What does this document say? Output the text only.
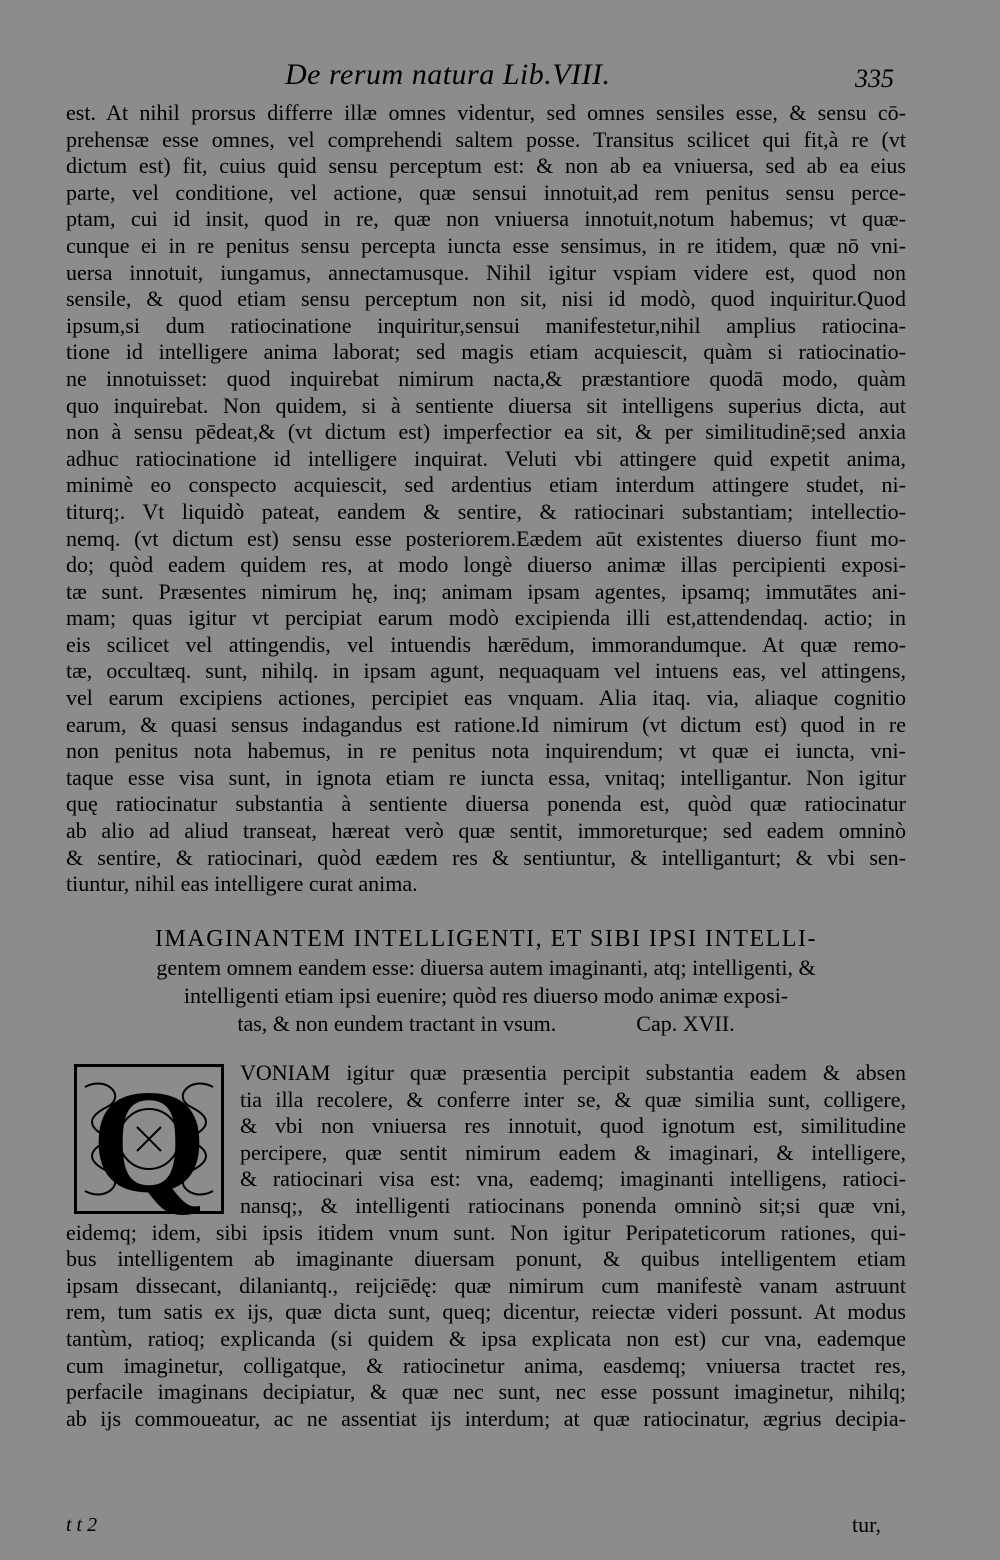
De rerum natura Lib.VIII.	335
est. At nihil prorsus differre illæ omnes videntur, sed omnes sensiles esse, & sensu cō-
prehensæ esse omnes, vel comprehendi saltem posse. Transitus scilicet qui fit,à re (vt
dictum est) fit, cuius quid sensu perceptum est: & non ab ea vniuersa, sed ab ea eius
parte, vel conditione, vel actione, quæ sensui innotuit,ad rem penitus sensu perce-
ptam, cui id insit, quod in re, quæ non vniuersa innotuit,notum habemus; vt quæ-
cunque ei in re penitus sensu percepta iuncta esse sensimus, in re itidem, quæ nō vni-
uersa innotuit, iungamus, annectamusque. Nihil igitur vspiam videre est, quod non
sensile, & quod etiam sensu perceptum non sit, nisi id modò, quod inquiritur.Quod
ipsum,si dum ratiocinatione inquiritur,sensui manifestetur,nihil amplius ratiocina-
tione id intelligere anima laborat; sed magis etiam acquiescit, quàm si ratiocinatio-
ne innotuisset: quod inquirebat nimirum nacta,& præstantiore quodā modo, quàm
quo inquirebat. Non quidem, si à sentiente diuersa sit intelligens superius dicta, aut
non à sensu pēdeat,& (vt dictum est) imperfectior ea sit, & per similitudinē;sed anxia
adhuc ratiocinatione id intelligere inquirat. Veluti vbi attingere quid expetit anima,
minimè eo conspecto acquiescit, sed ardentius etiam interdum attingere studet, ni-
titurq;. Vt liquidò pateat, eandem & sentire, & ratiocinari substantiam; intellectio-
nemq. (vt dictum est) sensu esse posteriorem.Eædem aūt existentes diuerso fiunt mo-
do; quòd eadem quidem res, at modo longè diuerso animæ illas percipienti exposi-
tæ sunt. Præsentes nimirum hę, inq; animam ipsam agentes, ipsamq; immutātes ani-
mam; quas igitur vt percipiat earum modò excipienda illi est,attendendaq. actio; in
eis scilicet vel attingendis, vel intuendis hærēdum, immorandumque. At quæ remo-
tæ, occultæq. sunt, nihilq. in ipsam agunt, nequaquam vel intuens eas, vel attingens,
vel earum excipiens actiones, percipiet eas vnquam. Alia itaq. via, aliaque cognitio
earum, & quasi sensus indagandus est ratione.Id nimirum (vt dictum est) quod in re
non penitus nota habemus, in re penitus nota inquirendum; vt quæ ei iuncta, vni-
taque esse visa sunt, in ignota etiam re iuncta essa, vnitaq; intelligantur. Non igitur
quę ratiocinatur substantia à sentiente diuersa ponenda est, quòd quæ ratiocinatur
ab alio ad aliud transeat, hæreat verò quæ sentit, immoreturque; sed eadem omninò
& sentire, & ratiocinari, quòd eædem res & sentiuntur, & intelliganturt; & vbi sen-
tiuntur, nihil eas intelligere curat anima.
IMAGINANTEM INTELLIGENTI, ET SIBI IPSI INTELLI-
gentem omnem eandem esse: diuersa autem imaginanti, atq; intelligenti, &
intelligenti etiam ipsi euenire; quòd res diuerso modo animæ exposi-
tas, & non eundem tractant in vsum.	Cap. XVII.
Q	VONIAM igitur quæ præsentia percipit substantia eadem & absen
tia illa recolere, & conferre inter se, & quæ similia sunt, colligere,
& vbi non vniuersa res innotuit, quod ignotum est, similitudine
percipere, quæ sentit nimirum eadem & imaginari, & intelligere,
& ratiocinari visa est: vna, eademq; imaginanti intelligens, ratioci-
nansq;, & intelligenti ratiocinans ponenda omninò sit;si quæ vni,
eidemq; idem, sibi ipsis itidem vnum sunt. Non igitur Peripateticorum rationes, qui-
bus intelligentem ab imaginante diuersam ponunt, & quibus intelligentem etiam
ipsam dissecant, dilaniantq., reijciēdę: quæ nimirum cum manifestè vanam astruunt
rem, tum satis ex ijs, quæ dicta sunt, queq; dicentur, reiectæ videri possunt. At modus
tantùm, ratioq; explicanda (si quidem & ipsa explicata non est) cur vna, eademque
cum imaginetur, colligatque, & ratiocinetur anima, easdemq; vniuersa tractet res,
perfacile imaginans decipiatur, & quæ nec sunt, nec esse possunt imaginetur, nihilq;
ab ijs commoueatur, ac ne assentiat ijs interdum; at quæ ratiocinatur, ægrius decipia-
t t 2	tur,
